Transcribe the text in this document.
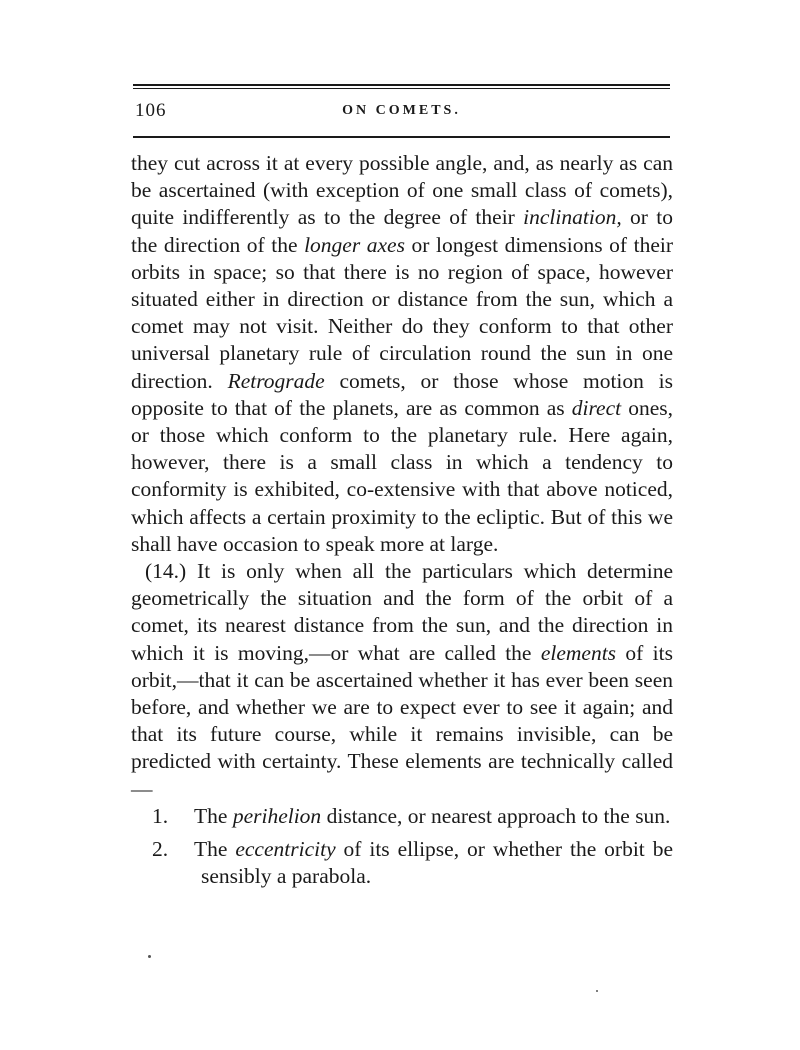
106	ON COMETS.

they cut across it at every possible angle, and, as nearly as can be ascertained (with exception of one small class of comets), quite indifferently as to the degree of their inclination, or to the direction of the longer axes or longest dimensions of their orbits in space; so that there is no region of space, however situated either in direction or distance from the sun, which a comet may not visit. Neither do they conform to that other universal planetary rule of circulation round the sun in one direction. Retrograde comets, or those whose motion is opposite to that of the planets, are as common as direct ones, or those which conform to the planetary rule. Here again, however, there is a small class in which a tendency to conformity is exhibited, co-extensive with that above noticed, which affects a certain proximity to the ecliptic. But of this we shall have occasion to speak more at large.

(14.) It is only when all the particulars which determine geometrically the situation and the form of the orbit of a comet, its nearest distance from the sun, and the direction in which it is moving,—or what are called the elements of its orbit,—that it can be ascertained whether it has ever been seen before, and whether we are to expect ever to see it again; and that its future course, while it remains invisible, can be predicted with certainty. These elements are technically called—

1. The perihelion distance, or nearest approach to the sun.

2. The eccentricity of its ellipse, or whether the orbit be sensibly a parabola.
